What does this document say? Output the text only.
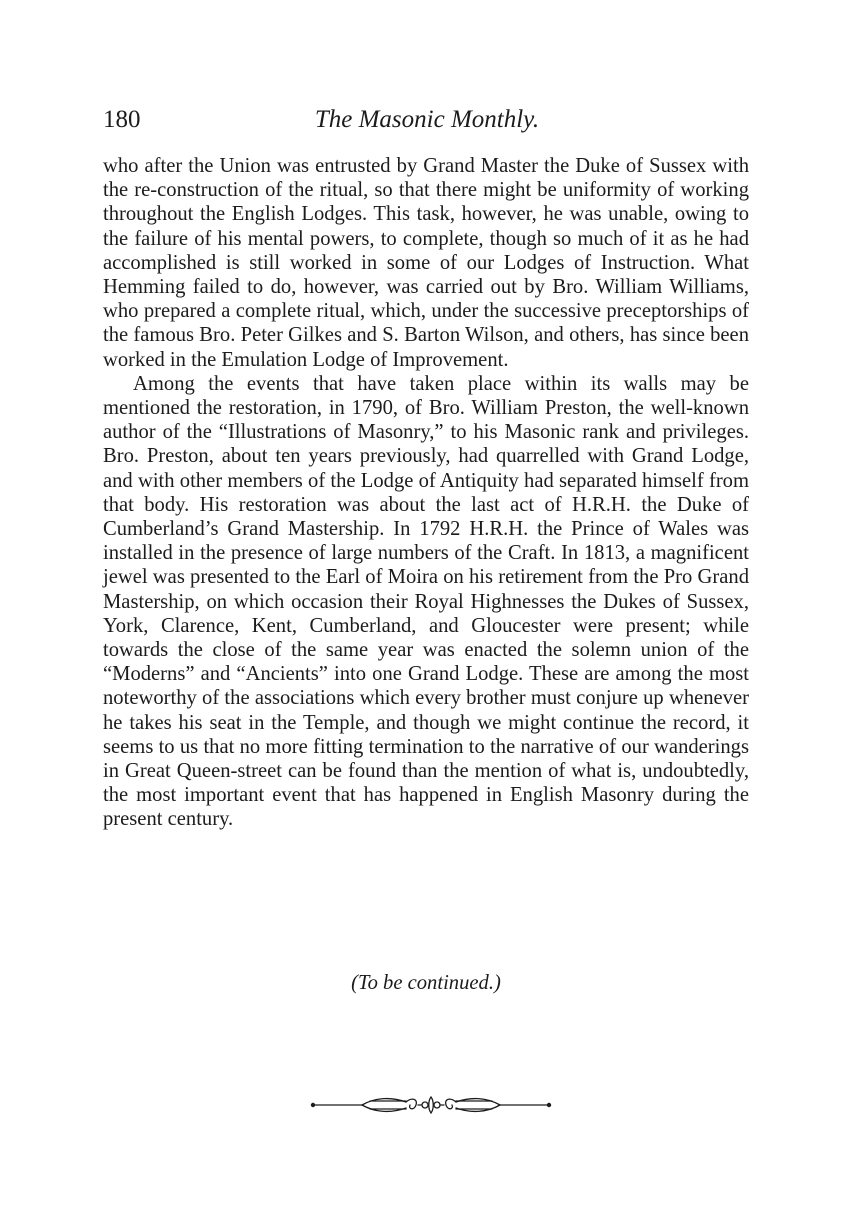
180	The Masonic Monthly.

who after the Union was entrusted by Grand Master the Duke of Sussex with the re-construction of the ritual, so that there might be uniformity of working throughout the English Lodges. This task, however, he was unable, owing to the failure of his mental powers, to complete, though so much of it as he had accomplished is still worked in some of our Lodges of Instruction. What Hemming failed to do, however, was carried out by Bro. William Williams, who prepared a complete ritual, which, under the successive preceptorships of the famous Bro. Peter Gilkes and S. Barton Wilson, and others, has since been worked in the Emulation Lodge of Improvement.

Among the events that have taken place within its walls may be mentioned the restoration, in 1790, of Bro. William Preston, the well-known author of the “Illustrations of Masonry,” to his Masonic rank and privileges. Bro. Preston, about ten years previously, had quarrelled with Grand Lodge, and with other members of the Lodge of Antiquity had separated himself from that body. His restoration was about the last act of H.R.H. the Duke of Cumberland’s Grand Mastership. In 1792 H.R.H. the Prince of Wales was installed in the presence of large numbers of the Craft. In 1813, a magnificent jewel was presented to the Earl of Moira on his retirement from the Pro Grand Mastership, on which occasion their Royal Highnesses the Dukes of Sussex, York, Clarence, Kent, Cumberland, and Gloucester were present; while towards the close of the same year was enacted the solemn union of the “Moderns” and “Ancients” into one Grand Lodge. These are among the most noteworthy of the associations which every brother must conjure up whenever he takes his seat in the Temple, and though we might continue the record, it seems to us that no more fitting termination to the narrative of our wanderings in Great Queen-street can be found than the mention of what is, undoubtedly, the most important event that has happened in English Masonry during the present century.

(To be continued.)
